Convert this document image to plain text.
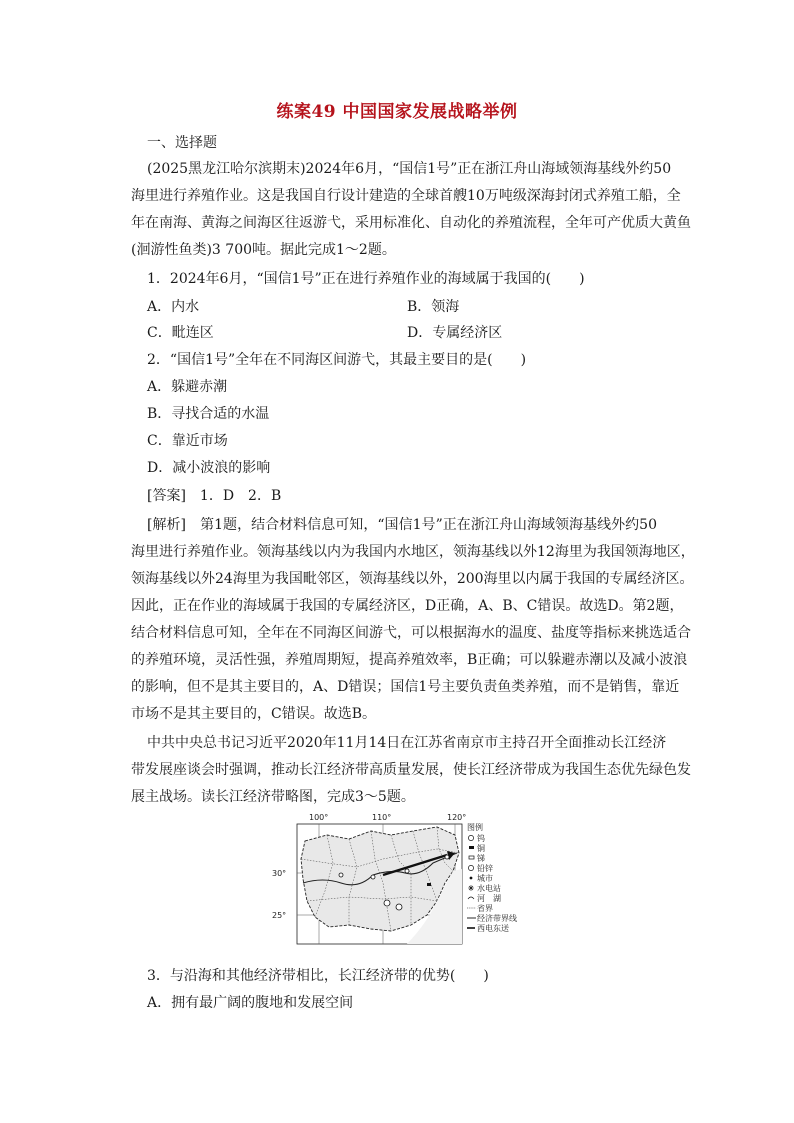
练案49 中国国家发展战略举例
一、选择题
(2025黑龙江哈尔滨期末)2024年6月，“国信1号”正在浙江舟山海域领海基线外约50
海里进行养殖作业。这是我国自行设计建造的全球首艘10万吨级深海封闭式养殖工船，全
年在南海、黄海之间海区往返游弋，采用标准化、自动化的养殖流程，全年可产优质大黄鱼
(洄游性鱼类)3 700吨。据此完成1～2题。
1．2024年6月，“国信1号”正在进行养殖作业的海域属于我国的(　　)
A．内水	B．领海
C．毗连区	D．专属经济区
2．“国信1号”全年在不同海区间游弋，其最主要目的是(　　)
A．躲避赤潮
B．寻找合适的水温
C．靠近市场
D．减小波浪的影响
[答案]　1．D　2．B
[解析]　第1题，结合材料信息可知，“国信1号”正在浙江舟山海域领海基线外约50
海里进行养殖作业。领海基线以内为我国内水地区，领海基线以外12海里为我国领海地区，
领海基线以外24海里为我国毗邻区，领海基线以外，200海里以内属于我国的专属经济区。
因此，正在作业的海域属于我国的专属经济区，D正确，A、B、C错误。故选D。第2题，
结合材料信息可知，全年在不同海区间游弋，可以根据海水的温度、盐度等指标来挑选适合
的养殖环境，灵活性强，养殖周期短，提高养殖效率，B正确；可以躲避赤潮以及减小波浪
的影响，但不是其主要目的，A、D错误；国信1号主要负责鱼类养殖，而不是销售，靠近
市场不是其主要目的，C错误。故选B。
中共中央总书记习近平2020年11月14日在江苏省南京市主持召开全面推动长江经济
带发展座谈会时强调，推动长江经济带高质量发展，使长江经济带成为我国生态优先绿色发
展主战场。读长江经济带略图，完成3～5题。
100°	110°	120°
30°
25°
图例
钨
铜
锑
铅锌
城市
水电站
河　湖
省界
经济带界线
西电东送
3．与沿海和其他经济带相比，长江经济带的优势(　　)
A．拥有最广阔的腹地和发展空间
